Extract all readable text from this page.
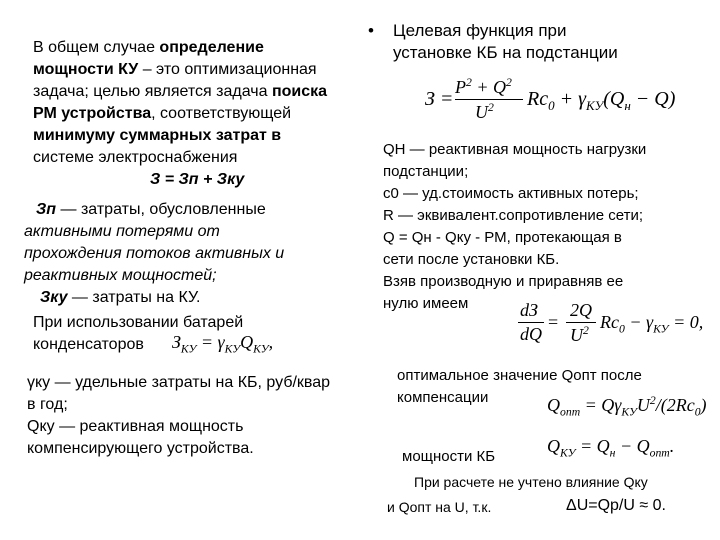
В общем случае определение
мощности КУ – это оптимизационная
задача; целью является задача поиска
РМ устройства, соответствующей
минимуму суммарных затрат в
системе электроснабжения
З = Зп + Зку
Зп — затраты, обусловленные
активными потерями от
прохождения потоков активных и
реактивных мощностей;
Зку — затраты на КУ.
При использовании батарей
конденсаторов $З_{КУ} = \gamma_{КУ}Q_{КУ}$,
γку — удельные затраты на КБ, руб/квар
в год;
Qку — реактивная мощность
компенсирующего устройства.
• Целевая функция при
установке КБ на подстанции
З =
$P^2 + Q^2$
$U^2$ $Rc_0 + \gamma_{КУ}(Q_н - Q)$
QН — реактивная мощность нагрузки
подстанции;
с0 — уд.стоимость активных потерь;
R — эквивалент.сопротивление сети;
Q = Qн - Qку - РМ, протекающая в
сети после установки КБ.
Взяв производную и приравняв ее
нулю имеем	dЗ
dQ
=
2Q
$U^2$ $Rc_0 - \gamma_{КУ} = 0$,
оптимальное значение Qопт после
компенсации	$Q_{опт} = Q\gamma_{КУ}U^2/(2Rc_0)$
мощности КБ
$Q_{КУ} = Q_н - Q_{опт}$.
При расчете не учтено влияние Qку
и Qопт на U, т.к.	ΔU=Qр/U ≈ 0.
